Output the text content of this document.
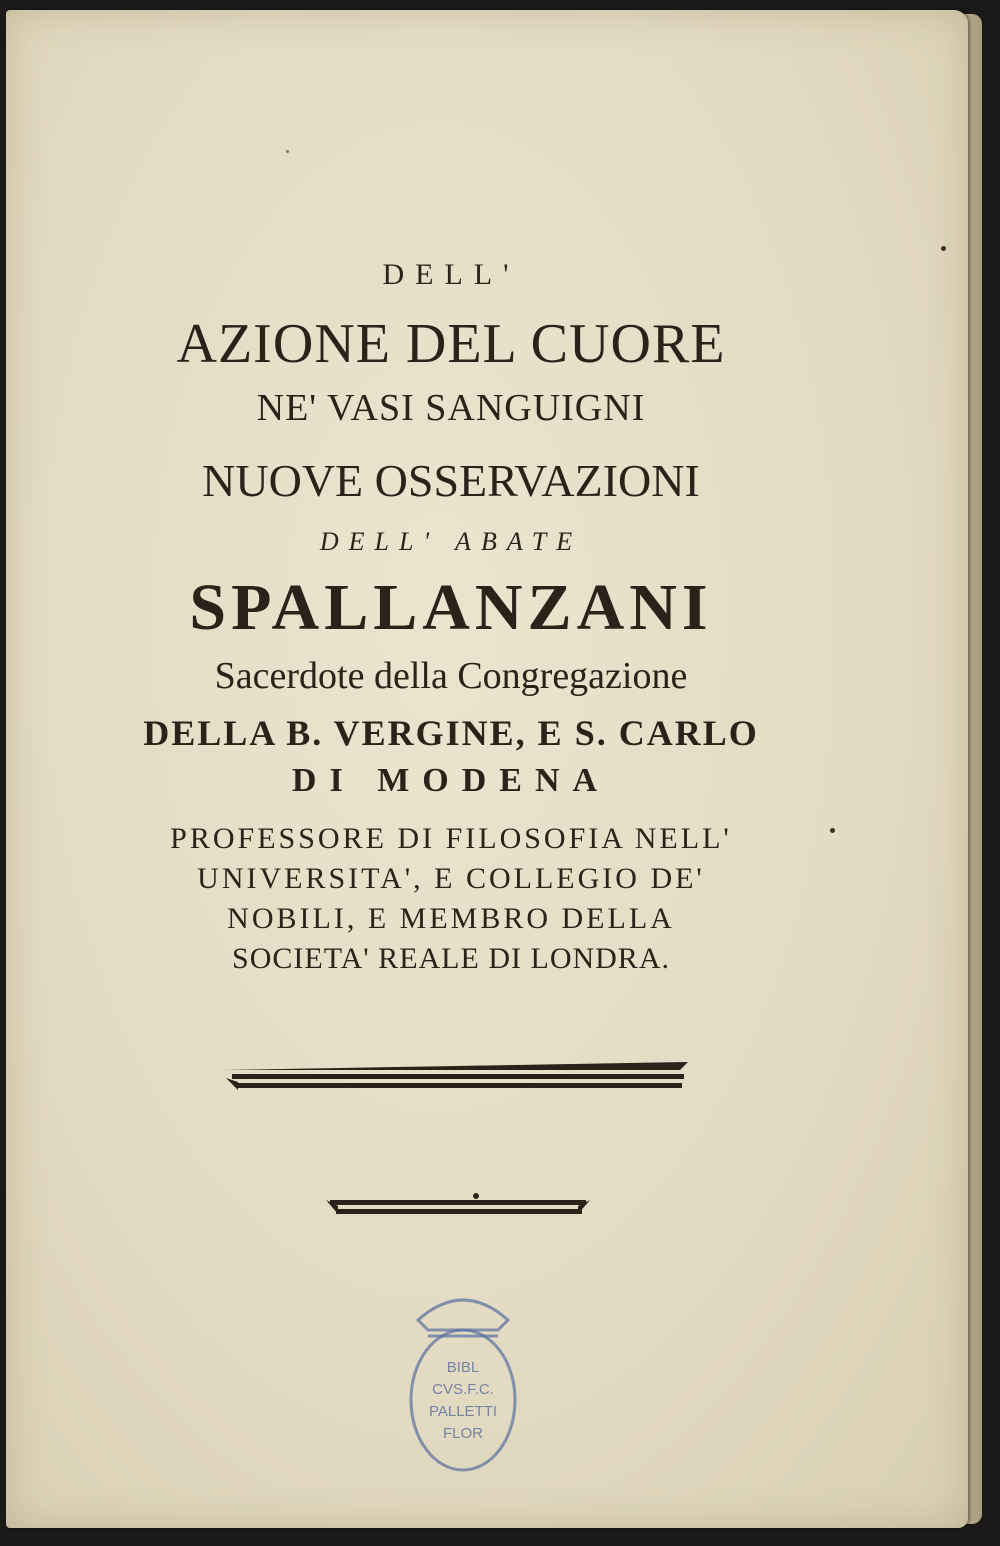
DELL'
AZIONE DEL CUORE
NE' VASI SANGUIGNI
NUOVE OSSERVAZIONI
DELL' ABATE
SPALLANZANI
Sacerdote della Congregazione
DELLA B. VERGINE, E S. CARLO
DI MODENA
PROFESSORE DI FILOSOFIA NELL'
UNIVERSITA', E COLLEGIO DE'
NOBILI, E MEMBRO DELLA
SOCIETA' REALE DI LONDRA.
BIBL
CVS.F.C.
PALLETTI
FLOR
